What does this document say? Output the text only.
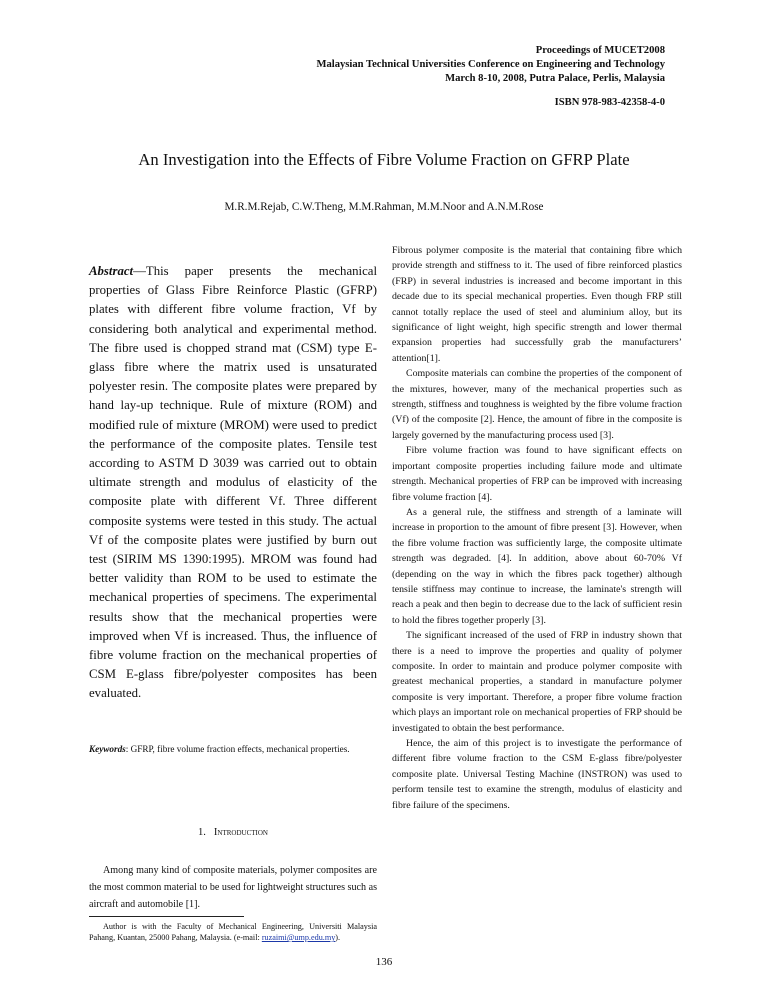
Proceedings of MUCET2008
Malaysian Technical Universities Conference on Engineering and Technology
March 8-10, 2008, Putra Palace, Perlis, Malaysia
ISBN 978-983-42358-4-0
An Investigation into the Effects of Fibre Volume Fraction on GFRP Plate
M.R.M.Rejab, C.W.Theng, M.M.Rahman, M.M.Noor and A.N.M.Rose
Abstract—This paper presents the mechanical properties of Glass Fibre Reinforce Plastic (GFRP) plates with different fibre volume fraction, Vf by considering both analytical and experimental method. The fibre used is chopped strand mat (CSM) type E-glass fibre where the matrix used is unsaturated polyester resin. The composite plates were prepared by hand lay-up technique. Rule of mixture (ROM) and modified rule of mixture (MROM) were used to predict the performance of the composite plates. Tensile test according to ASTM D 3039 was carried out to obtain ultimate strength and modulus of elasticity of the composite plate with different Vf. Three different composite systems were tested in this study. The actual Vf of the composite plates were justified by burn out test (SIRIM MS 1390:1995). MROM was found had better validity than ROM to be used to estimate the mechanical properties of specimens. The experimental results show that the mechanical properties were improved when Vf is increased. Thus, the influence of fibre volume fraction on the mechanical properties of CSM E-glass fibre/polyester composites has been evaluated.
Keywords: GFRP, fibre volume fraction effects, mechanical properties.
1. Introduction
Among many kind of composite materials, polymer composites are the most common material to be used for lightweight structures such as aircraft and automobile [1].
Author is with the Faculty of Mechanical Engineering, Universiti Malaysia Pahang, Kuantan, 25000 Pahang, Malaysia. (e-mail: ruzaimi@ump.edu.my).

Fibrous polymer composite is the material that containing fibre which provide strength and stiffness to it. The used of fibre reinforced plastics (FRP) in several industries is increased and become important in this decade due to its special mechanical properties. Even though FRP still cannot totally replace the used of steel and aluminium alloy, but its significance of light weight, high specific strength and lower thermal expansion properties had successfully grab the manufacturers’ attention[1].

Composite materials can combine the properties of the component of the mixtures, however, many of the mechanical properties such as strength, stiffness and toughness is weighted by the fibre volume fraction (Vf) of the composite [2]. Hence, the amount of fibre in the composite is largely governed by the manufacturing process used [3].

Fibre volume fraction was found to have significant effects on important composite properties including failure mode and ultimate strength. Mechanical properties of FRP can be improved with increasing fibre volume fraction [4].

As a general rule, the stiffness and strength of a laminate will increase in proportion to the amount of fibre present [3]. However, when the fibre volume fraction was sufficiently large, the composite ultimate strength was degraded. [4]. In addition, above about 60-70% Vf (depending on the way in which the fibres pack together) although tensile stiffness may continue to increase, the laminate's strength will reach a peak and then begin to decrease due to the lack of sufficient resin to hold the fibres together properly [3].

The significant increased of the used of FRP in industry shown that there is a need to improve the properties and quality of polymer composite. In order to maintain and produce polymer composite with greatest mechanical properties, a standard in manufacture polymer composite is very important. Therefore, a proper fibre volume fraction which plays an important role on mechanical properties of FRP should be investigated to obtain the best performance.

Hence, the aim of this project is to investigate the performance of different fibre volume fraction to the CSM E-glass fibre/polyester composite plate. Universal Testing Machine (INSTRON) was used to perform tensile test to examine the strength, modulus of elasticity and fibre failure of the specimens.

136
